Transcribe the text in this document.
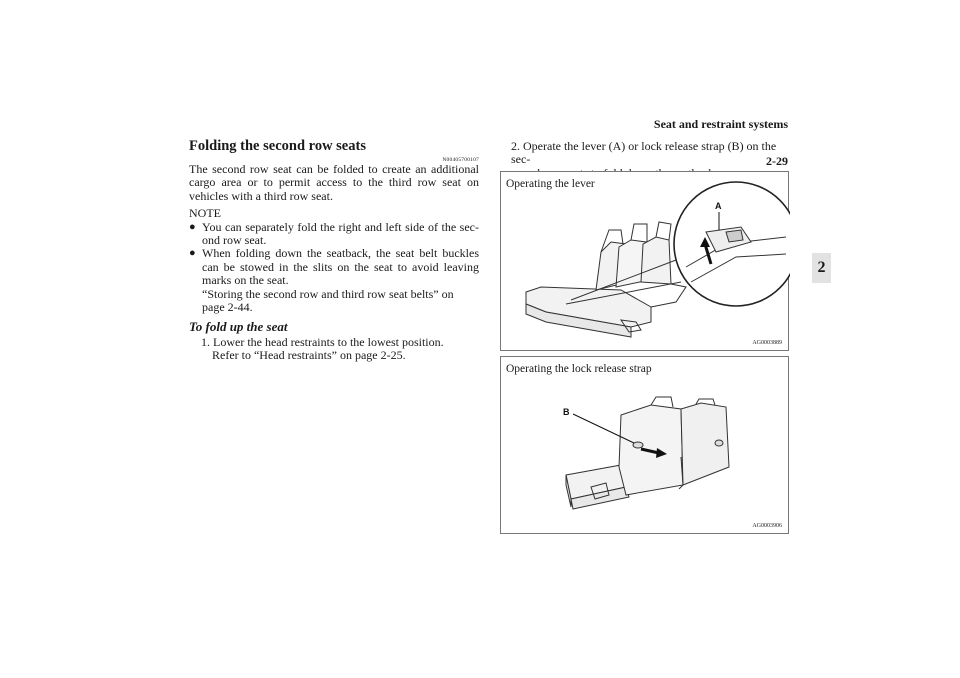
Seat and restraint systems
2-29
2
Folding the second row seats
N00405700107

The second row seat can be folded to create an additional cargo area or to permit access to the third row seat on vehicles with a third row seat.

NOTE

● You can separately fold the right and left side of the sec-ond row seat.
● When folding down the seatback, the seat belt buckles can be stowed in the slits on the seat to avoid leaving marks on the seat.

“Storing the second row and third row seat belts” on page 2-44.

To fold up the seat

1. Lower the head restraints to the lowest position.

Refer to “Head restraints” on page 2-25.

2. Operate the lever (A) or lock release strap (B) on the sec-
A
Operating the lever
AG0003889
B
Operating the lock release strap
AG0003906
